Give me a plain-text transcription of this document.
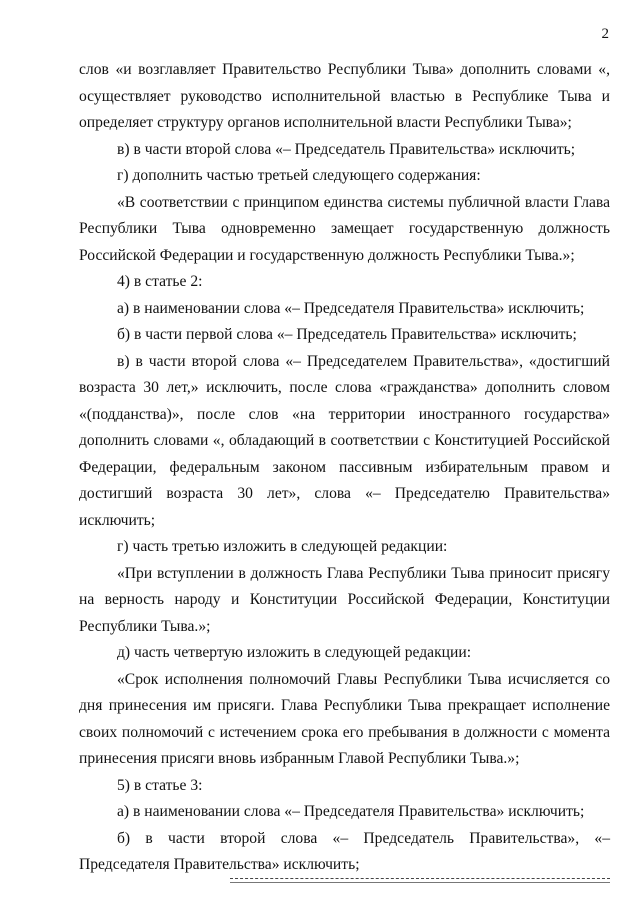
2

слов «и возглавляет Правительство Республики Тыва» дополнить словами «, осуществляет руководство исполнительной властью в Республике Тыва и определяет структуру органов исполнительной власти Республики Тыва»;

в) в части второй слова «– Председатель Правительства» исключить;

г) дополнить частью третьей следующего содержания:

«В соответствии с принципом единства системы публичной власти Глава Республики Тыва одновременно замещает государственную должность Российской Федерации и государственную должность Республики Тыва.»;

4) в статье 2:

а) в наименовании слова «– Председателя Правительства» исключить;

б) в части первой слова «– Председатель Правительства» исключить;

в) в части второй слова «– Председателем Правительства», «достигший возраста 30 лет,» исключить, после слова «гражданства» дополнить словом «(подданства)», после слов «на территории иностранного государства» дополнить словами «, обладающий в соответствии с Конституцией Российской Федерации, федеральным законом пассивным избирательным правом и достигший возраста 30 лет», слова «– Председателю Правительства» исключить;

г) часть третью изложить в следующей редакции:

«При вступлении в должность Глава Республики Тыва приносит присягу на верность народу и Конституции Российской Федерации, Конституции Республики Тыва.»;

д) часть четвертую изложить в следующей редакции:

«Срок исполнения полномочий Главы Республики Тыва исчисляется со дня принесения им присяги. Глава Республики Тыва прекращает исполнение своих полномочий с истечением срока его пребывания в должности с момента принесения присяги вновь избранным Главой Республики Тыва.»;

5) в статье 3:

а) в наименовании слова «– Председателя Правительства» исключить;

б) в части второй слова «– Председатель Правительства», «– Председателя Правительства» исключить;
